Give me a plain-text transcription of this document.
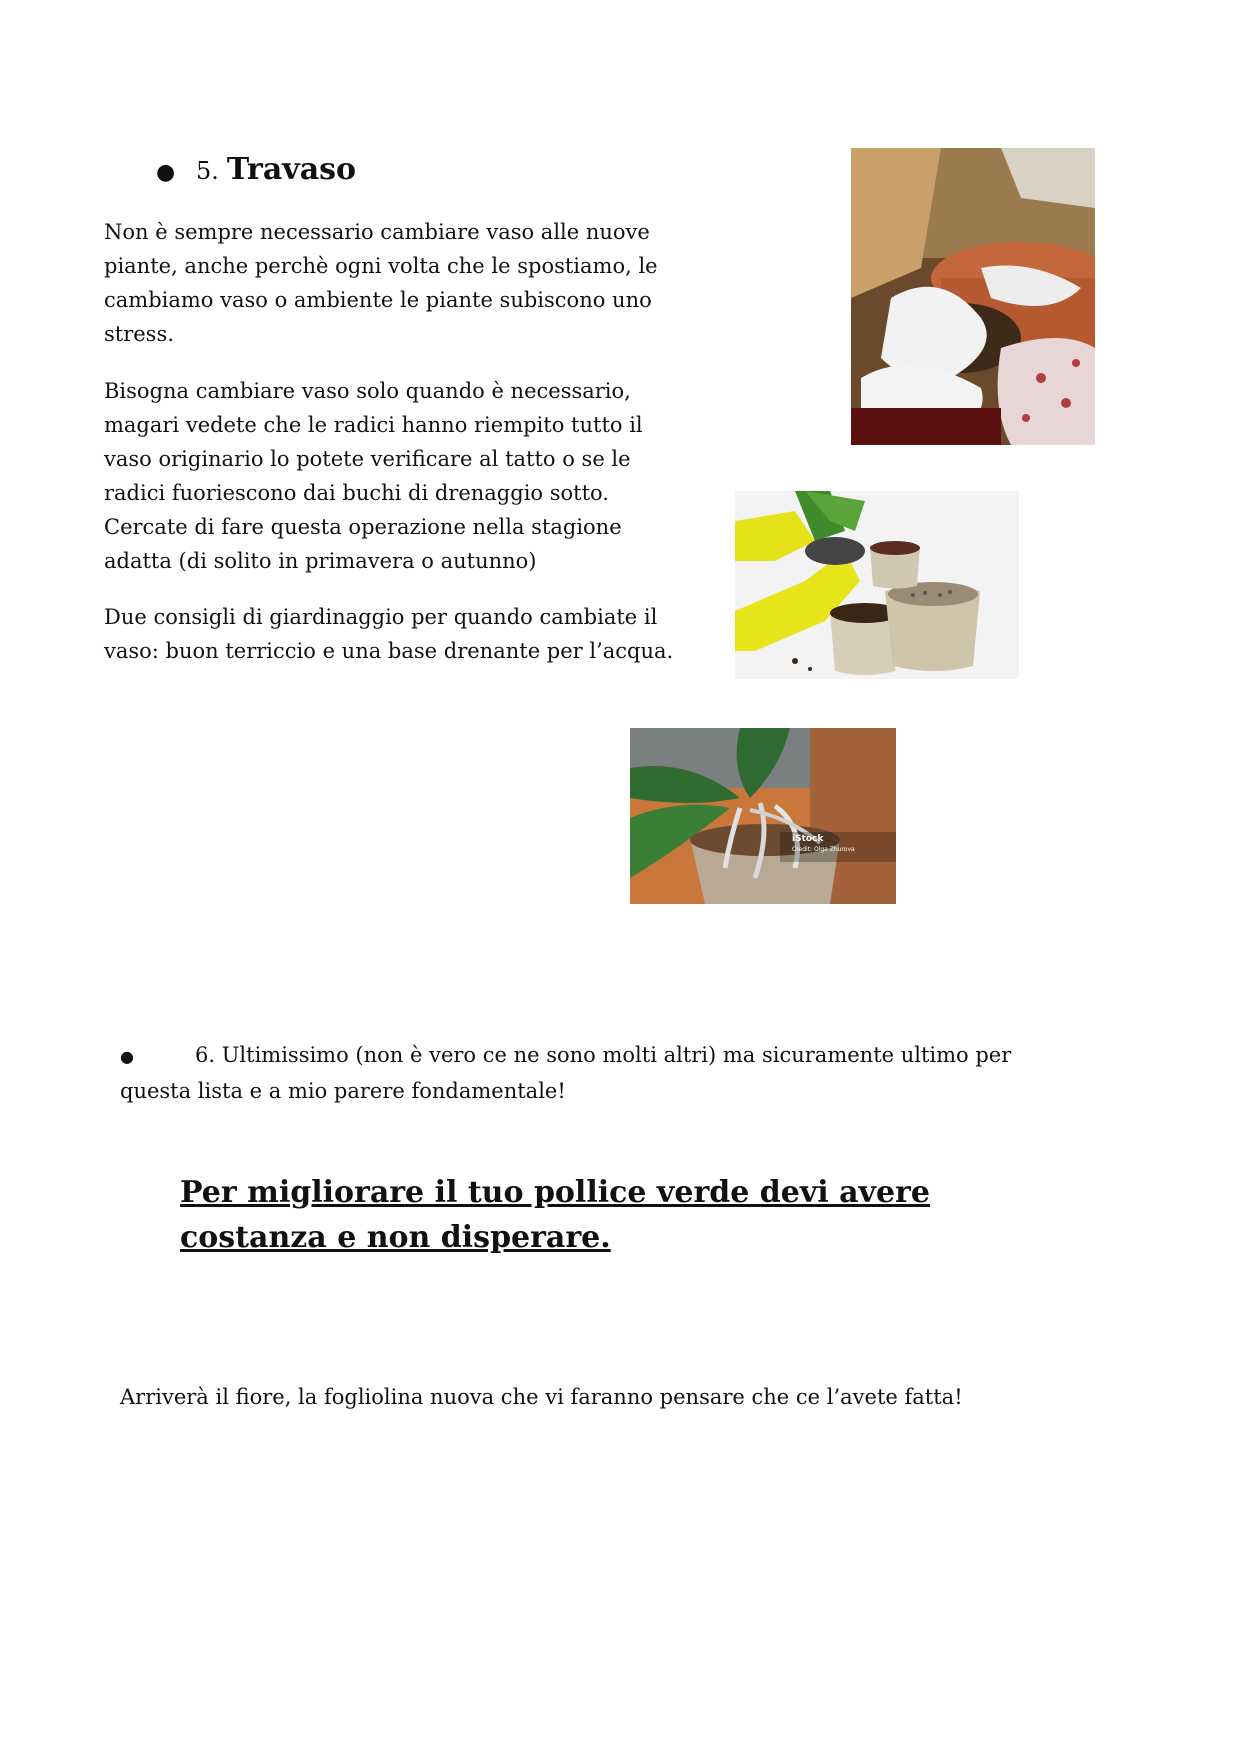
● 5. Travaso

Non è sempre necessario cambiare vaso alle nuove piante, anche perchè ogni volta che le spostiamo, le cambiamo vaso o ambiente le piante subiscono uno stress.

Bisogna cambiare vaso solo quando è necessario, magari vedete che le radici hanno riempito tutto il vaso originario lo potete verificare al tatto o se le radici fuoriescono dai buchi di drenaggio sotto. Cercate di fare questa operazione nella stagione adatta (di solito in primavera o autunno)

Due consigli di giardinaggio per quando cambiate il vaso: buon terriccio e una base drenante per l’acqua.

iStock
Credit: Olga Zhurova

●	6. Ultimissimo (non è vero ce ne sono molti altri) ma sicuramente ultimo per questa lista e a mio parere fondamentale!

Per migliorare il tuo pollice verde devi avere costanza e non disperare.

Arriverà il fiore, la fogliolina nuova che vi faranno pensare che ce l’avete fatta!
